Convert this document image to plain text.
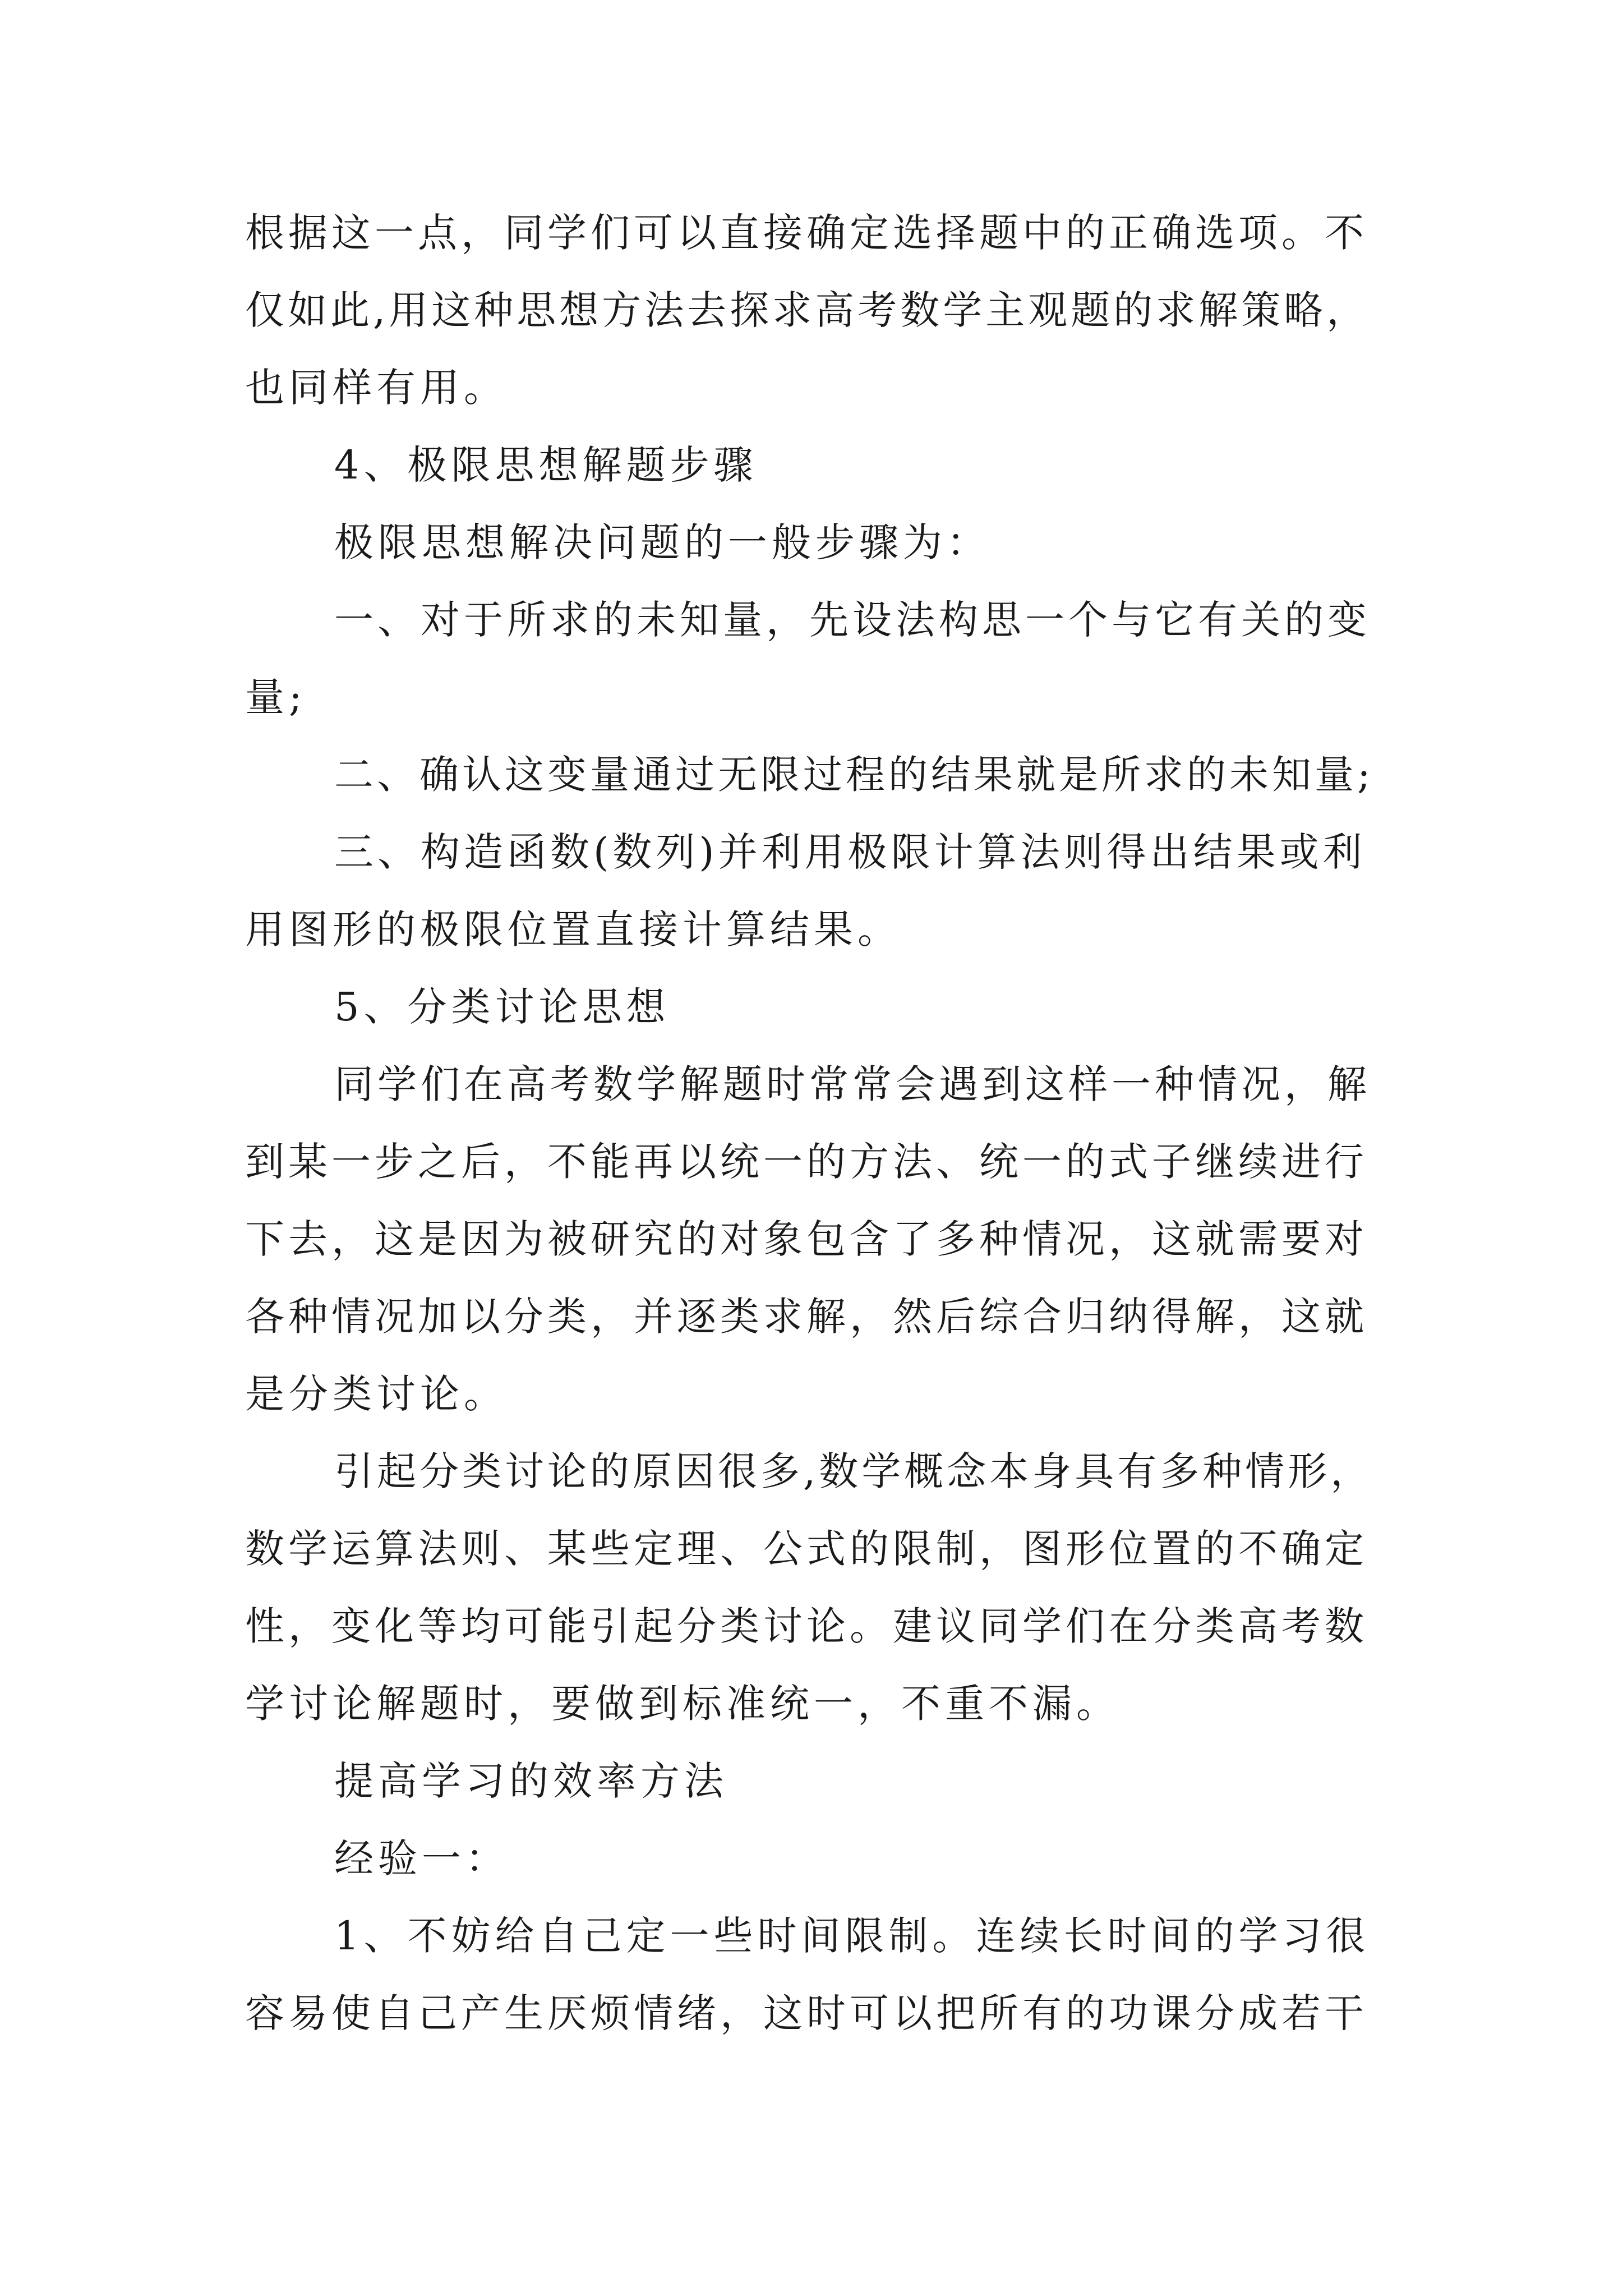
根据这一点，同学们可以直接确定选择题中的正确选项。不
仅如此,用这种思想方法去探求高考数学主观题的求解策略，
也同样有用。
4、极限思想解题步骤
极限思想解决问题的一般步骤为：
一、对于所求的未知量，先设法构思一个与它有关的变
量;
二、确认这变量通过无限过程的结果就是所求的未知量;
三、构造函数(数列)并利用极限计算法则得出结果或利
用图形的极限位置直接计算结果。
5、分类讨论思想
同学们在高考数学解题时常常会遇到这样一种情况，解
到某一步之后，不能再以统一的方法、统一的式子继续进行
下去，这是因为被研究的对象包含了多种情况，这就需要对
各种情况加以分类，并逐类求解，然后综合归纳得解，这就
是分类讨论。
引起分类讨论的原因很多,数学概念本身具有多种情形，
数学运算法则、某些定理、公式的限制，图形位置的不确定
性，变化等均可能引起分类讨论。建议同学们在分类高考数
学讨论解题时，要做到标准统一，不重不漏。
提高学习的效率方法
经验一：
1、不妨给自己定一些时间限制。连续长时间的学习很
容易使自己产生厌烦情绪，这时可以把所有的功课分成若干
